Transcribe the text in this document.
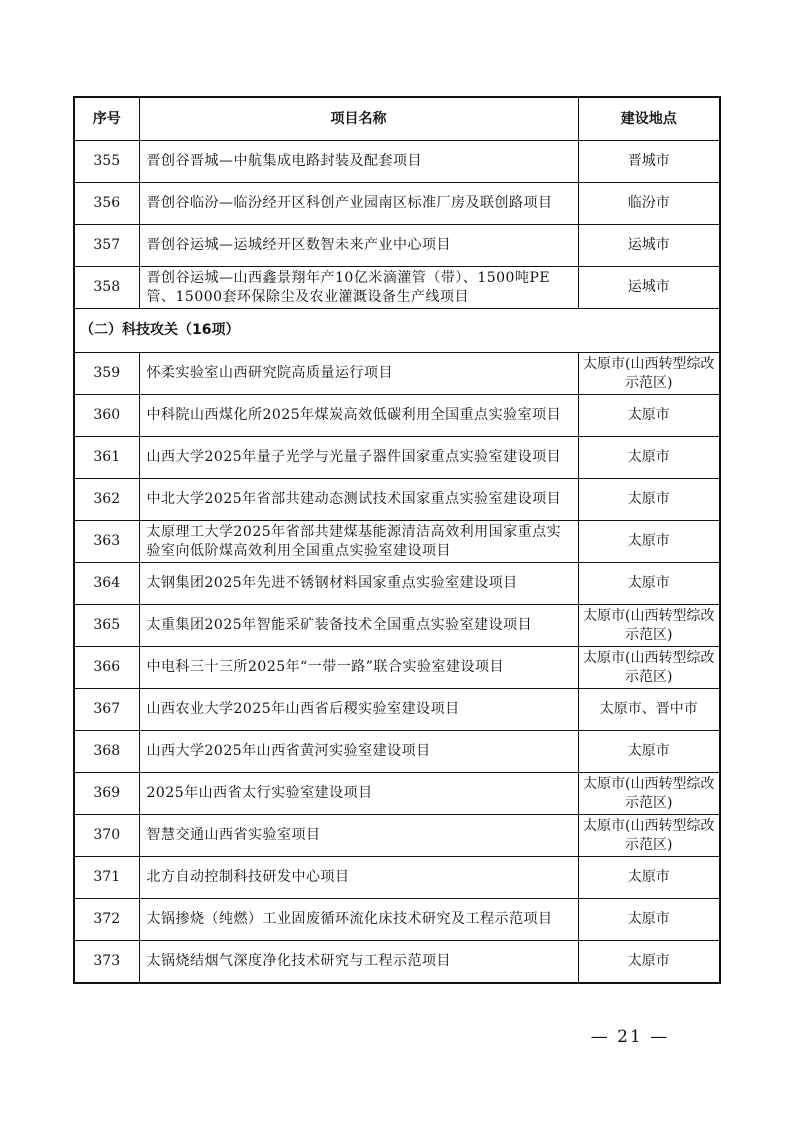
序号	项目名称	建设地点
355	晋创谷晋城—中航集成电路封装及配套项目	晋城市
356	晋创谷临汾—临汾经开区科创产业园南区标准厂房及联创路项目	临汾市
357	晋创谷运城—运城经开区数智未来产业中心项目	运城市
358	晋创谷运城—山西鑫景翔年产10亿米滴灌管（带）、1500吨PE管、15000套环保除尘及农业灌溉设备生产线项目	运城市
（二）科技攻关（16项）		
359	怀柔实验室山西研究院高质量运行项目	太原市(山西转型综改示范区)
360	中科院山西煤化所2025年煤炭高效低碳利用全国重点实验室项目	太原市
361	山西大学2025年量子光学与光量子器件国家重点实验室建设项目	太原市
362	中北大学2025年省部共建动态测试技术国家重点实验室建设项目	太原市
363	太原理工大学2025年省部共建煤基能源清洁高效利用国家重点实验室向低阶煤高效利用全国重点实验室建设项目	太原市
364	太钢集团2025年先进不锈钢材料国家重点实验室建设项目	太原市
365	太重集团2025年智能采矿装备技术全国重点实验室建设项目	太原市(山西转型综改示范区)
366	中电科三十三所2025年“一带一路”联合实验室建设项目	太原市(山西转型综改示范区)
367	山西农业大学2025年山西省后稷实验室建设项目	太原市、晋中市
368	山西大学2025年山西省黄河实验室建设项目	太原市
369	2025年山西省太行实验室建设项目	太原市(山西转型综改示范区)
370	智慧交通山西省实验室项目	太原市(山西转型综改示范区)
371	北方自动控制科技研发中心项目	太原市
372	太锅掺烧（纯燃）工业固废循环流化床技术研究及工程示范项目	太原市
373	太锅烧结烟气深度净化技术研究与工程示范项目	太原市
— 21 —
